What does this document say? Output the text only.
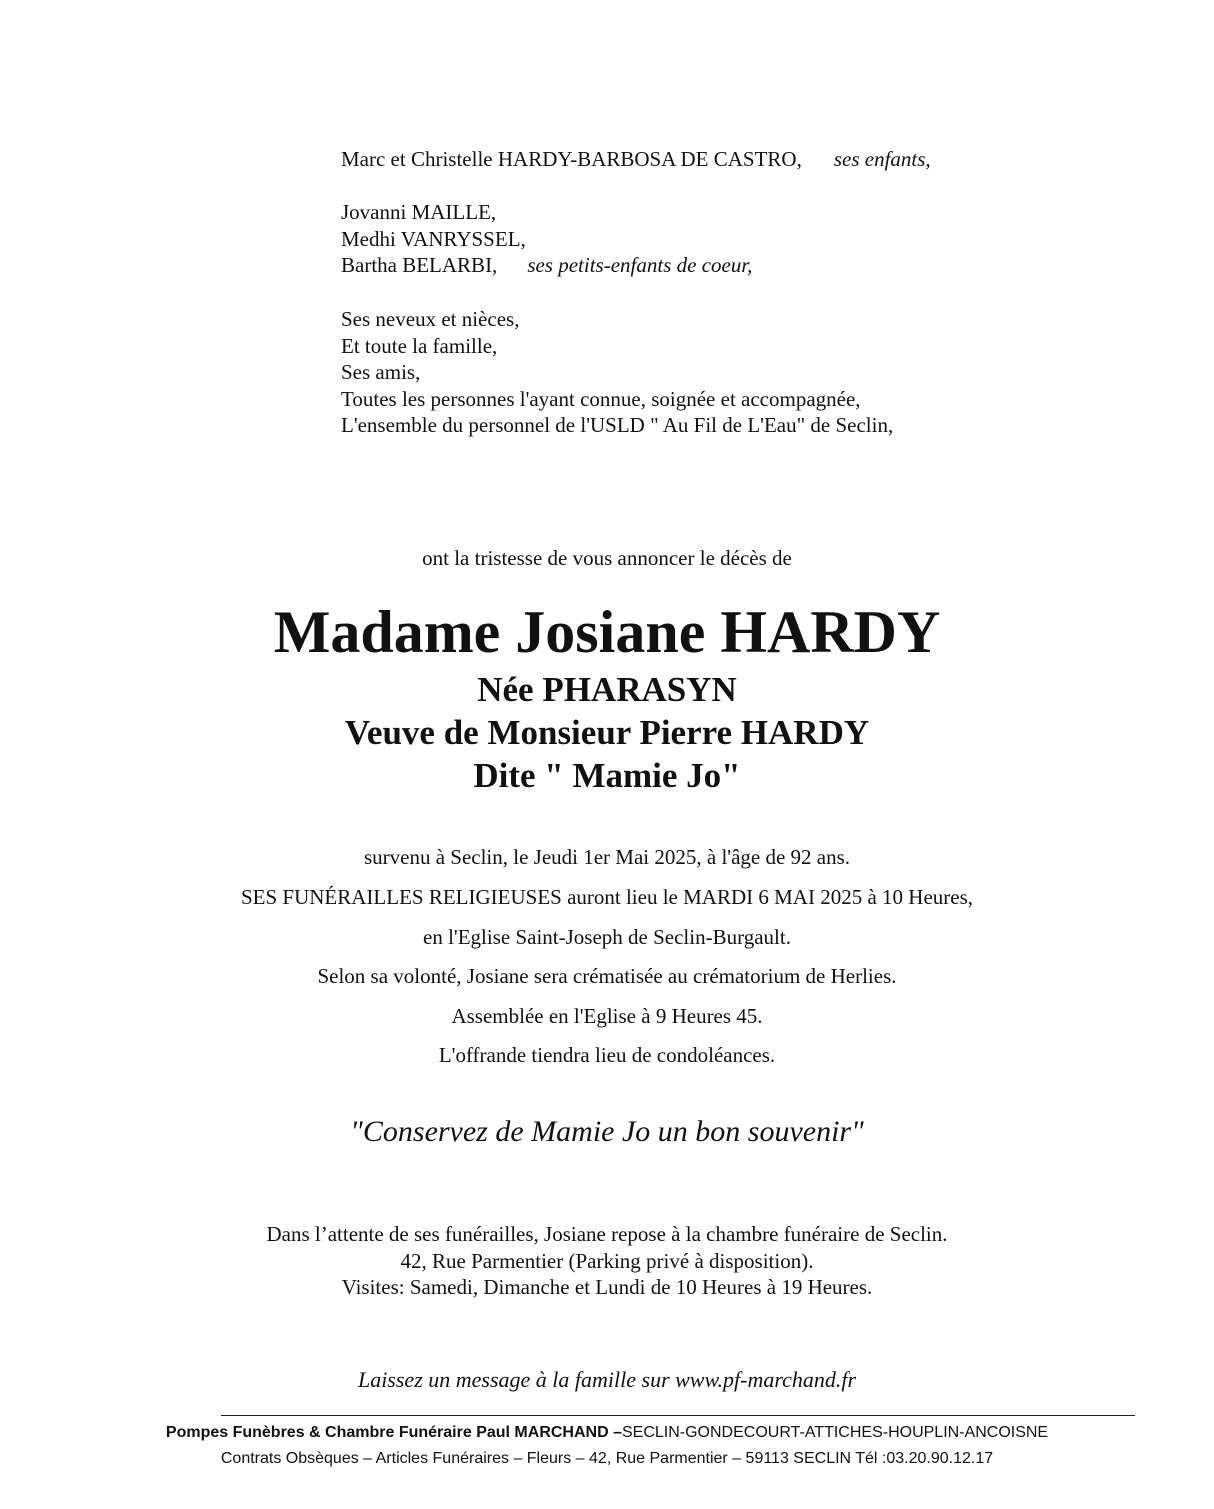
Marc et Christelle HARDY-BARBOSA DE CASTRO, ses enfants,
Jovanni MAILLE,
Medhi VANRYSSEL,
Bartha BELARBI, ses petits-enfants de coeur,
Ses neveux et nièces,
Et toute la famille,
Ses amis,
Toutes les personnes l'ayant connue, soignée et accompagnée,
L'ensemble du personnel de l'USLD " Au Fil de L'Eau" de Seclin,
ont la tristesse de vous annoncer le décès de
Madame Josiane HARDY
Née PHARASYN
Veuve de Monsieur Pierre HARDY
Dite " Mamie Jo"
survenu à Seclin, le Jeudi 1er Mai 2025, à l'âge de 92 ans.
SES FUNÉRAILLES RELIGIEUSES auront lieu le MARDI 6 MAI 2025 à 10 Heures,
en l'Eglise Saint-Joseph de Seclin-Burgault.
Selon sa volonté, Josiane sera crématisée au crématorium de Herlies.
Assemblée en l'Eglise à 9 Heures 45.
L'offrande tiendra lieu de condoléances.
"Conservez de Mamie Jo un bon souvenir"
Dans l’attente de ses funérailles, Josiane repose à la chambre funéraire de Seclin.
42, Rue Parmentier (Parking privé à disposition).
Visites: Samedi, Dimanche et Lundi de 10 Heures à 19 Heures.
Laissez un message à la famille sur www.pf-marchand.fr
Pompes Funèbres & Chambre Funéraire Paul MARCHAND –SECLIN-GONDECOURT-ATTICHES-HOUPLIN-ANCOISNE
Contrats Obsèques – Articles Funéraires – Fleurs – 42, Rue Parmentier – 59113 SECLIN Tél :03.20.90.12.17
